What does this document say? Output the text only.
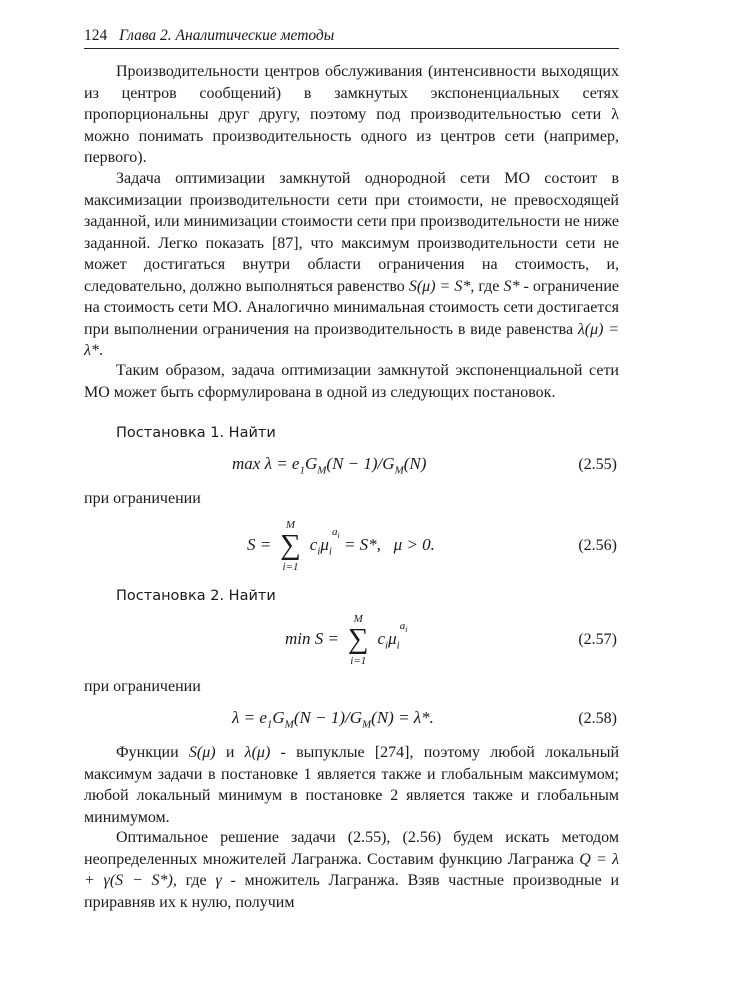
124 Глава 2. Аналитические методы

Производительности центров обслуживания (интенсивности выходящих из центров сообщений) в замкнутых экспоненциальных сетях пропорциональны друг другу, поэтому под производительностью сети λ можно понимать производительность одного из центров сети (например, первого).

Задача оптимизации замкнутой однородной сети МО состоит в максимизации производительности сети при стоимости, не превосходящей заданной, или минимизации стоимости сети при производительности не ниже заданной. Легко показать [87], что максимум производительности сети не может достигаться внутри области ограничения на стоимость, и, следовательно, должно выполняться равенство S(μ) = S*, где S* - ограничение на стоимость сети МО. Аналогично минимальная стоимость сети достигается при выполнении ограничения на производительность в виде равенства λ(μ) = λ*.

Таким образом, задача оптимизации замкнутой экспоненциальной сети МО может быть сформулирована в одной из следующих постановок.

Постановка 1. Найти
$\max \lambda = e_1G_M(N - 1)/G_M(N)$	(2.55)
при ограничении
S =
M
∑
i=1
$c_i\mu_i^{a_i} = S*$, μ > 0.	(2.56)
Постановка 2. Найти
min S =
M
∑
i=1
$c_i\mu_i^{a_i}$
(2.57)
при ограничении
$\lambda = e_1G_M(N - 1)/G_M(N) = \lambda*$.	(2.58)

Функции S(μ) и λ(μ) - выпуклые [274], поэтому любой локальный максимум задачи в постановке 1 является также и глобальным максимумом; любой локальный минимум в постановке 2 является также и глобальным минимумом.

Оптимальное решение задачи (2.55), (2.56) будем искать методом неопределенных множителей Лагранжа. Составим функцию Лагранжа Q = λ + γ(S − S*), где γ - множитель Лагранжа. Взяв частные производные и приравняв их к нулю, получим
